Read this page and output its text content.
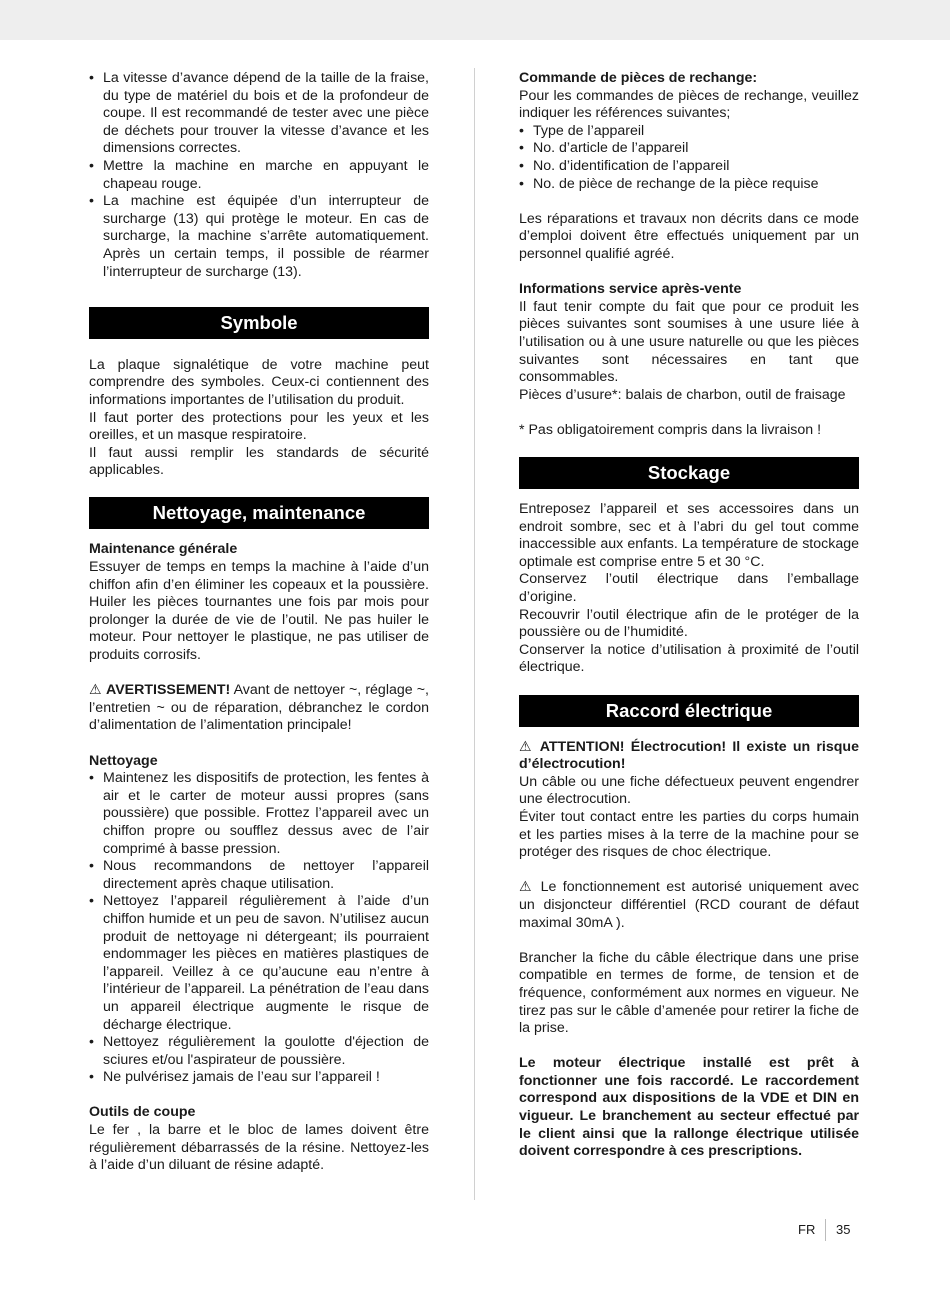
• La vitesse d’avance dépend de la taille de la fraise, du type de matériel du bois et de la profondeur de coupe. Il est recommandé de tester avec une pièce de déchets pour trouver la vitesse d’avance et les dimensions correctes.
• Mettre la machine en marche en appuyant le chapeau rouge.
• La machine est équipée d’un interrupteur de surcharge (13) qui protège le moteur. En cas de surcharge, la machine s’arrête automatiquement. Après un certain temps, il possible de réarmer l’interrupteur de surcharge (13).
Symbole

La plaque signalétique de votre machine peut comprendre des symboles. Ceux-ci contiennent des informations importantes de l’utilisation du produit.

Il faut porter des protections pour les yeux et les oreilles, et un masque respiratoire.

Il faut aussi remplir les standards de sécurité applicables.

Nettoyage, maintenance

Maintenance générale

Essuyer de temps en temps la machine à l’aide d’un chiffon afin d’en éliminer les copeaux et la poussière. Huiler les pièces tournantes une fois par mois pour prolonger la durée de vie de l’outil. Ne pas huiler le moteur. Pour nettoyer le plastique, ne pas utiliser de produits corrosifs.

⚠ AVERTISSEMENT! Avant de nettoyer ~, réglage ~, l’entretien ~ ou de réparation, débranchez le cordon d’alimentation de l’alimentation principale!

Nettoyage

• Maintenez les dispositifs de protection, les fentes à air et le carter de moteur aussi propres (sans poussière) que possible. Frottez l’appareil avec un chiffon propre ou soufflez dessus avec de l’air comprimé à basse pression.
• Nous recommandons de nettoyer l’appareil directement après chaque utilisation.
• Nettoyez l’appareil régulièrement à l’aide d’un chiffon humide et un peu de savon. N’utilisez aucun produit de nettoyage ni détergeant; ils pourraient endommager les pièces en matières plastiques de l’appareil. Veillez à ce qu’aucune eau n’entre à l’intérieur de l’appareil. La pénétration de l’eau dans un appareil électrique augmente le risque de décharge électrique.
• Nettoyez régulièrement la goulotte d'éjection de sciures et/ou l'aspirateur de poussière.
• Ne pulvérisez jamais de l’eau sur l’appareil !

Outils de coupe

Le fer , la barre et le bloc de lames doivent être régulièrement débarrassés de la résine. Nettoyez-les à l’aide d’un diluant de résine adapté.

Commande de pièces de rechange:

Pour les commandes de pièces de rechange, veuillez indiquer les références suivantes;

• Type de l’appareil
• No. d’article de l’appareil
• No. d’identification de l’appareil
• No. de pièce de rechange de la pièce requise

Les réparations et travaux non décrits dans ce mode d’emploi doivent être effectués uniquement par un personnel qualifié agréé.

Informations service après-vente

Il faut tenir compte du fait que pour ce produit les pièces suivantes sont soumises à une usure liée à l’utilisation ou à une usure naturelle ou que les pièces suivantes sont nécessaires en tant que consommables.

Pièces d’usure*: balais de charbon, outil de fraisage

* Pas obligatoirement compris dans la livraison !

Stockage

Entreposez l’appareil et ses accessoires dans un endroit sombre, sec et à l’abri du gel tout comme inaccessible aux enfants. La température de stockage optimale est comprise entre 5 et 30 °C.

Conservez l’outil électrique dans l’emballage d’origine.

Recouvrir l’outil électrique afin de le protéger de la poussière ou de l’humidité.

Conserver la notice d’utilisation à proximité de l’outil électrique.

Raccord électrique

⚠ ATTENTION! Électrocution! Il existe un risque d’électrocution!

Un câble ou une fiche défectueux peuvent engendrer une électrocution.

Éviter tout contact entre les parties du corps humain et les parties mises à la terre de la machine pour se protéger des risques de choc électrique.

⚠ Le fonctionnement est autorisé uniquement avec un disjoncteur différentiel (RCD courant de défaut maximal 30mA ).

Brancher la fiche du câble électrique dans une prise compatible en termes de forme, de tension et de fréquence, conformément aux normes en vigueur. Ne tirez pas sur le câble d’amenée pour retirer la fiche de la prise.

Le moteur électrique installé est prêt à fonctionner une fois raccordé. Le raccordement correspond aux dispositions de la VDE et DIN en vigueur. Le branchement au secteur effectué par le client ainsi que la rallonge électrique utilisée doivent correspondre à ces prescriptions.

FR 35
